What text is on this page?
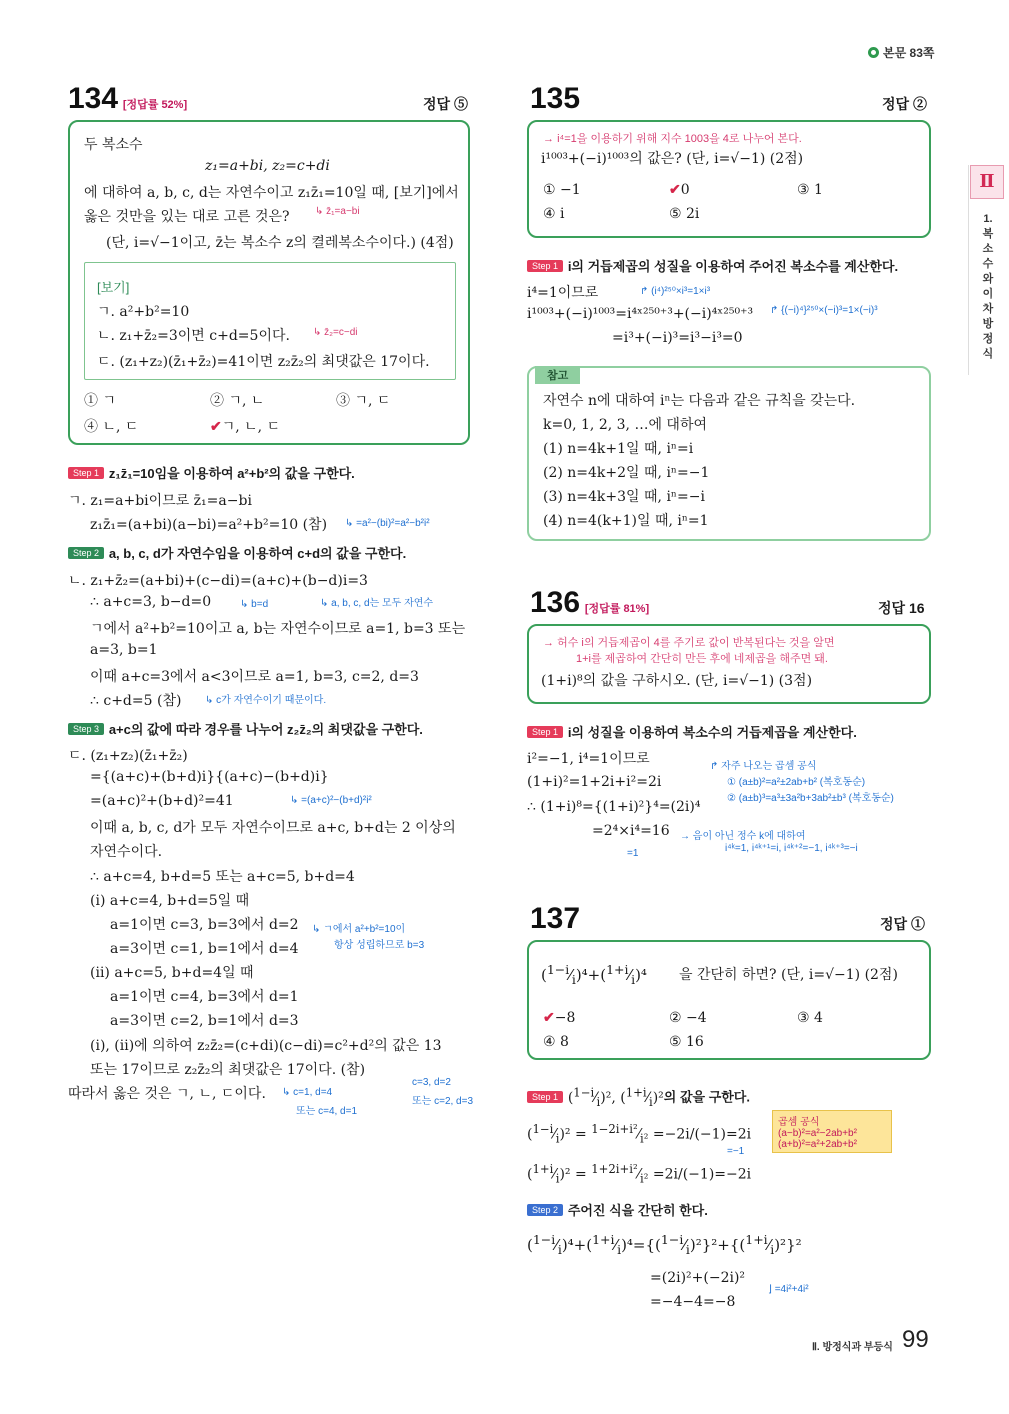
본문 83쪽
Ⅱ
1. 복소수와 이차방정식
134 [정답률 52%]	정답 ⑤
두 복소수
z₁=a+bi, z₂=c+di
에 대하여 a, b, c, d는 자연수이고 z₁z̄₁=10일 때, [보기]에서
옳은 것만을 있는 대로 고른 것은?	↳ z̄₁=a−bi
(단, i=√−1이고, z̄는 복소수 z의 켤레복소수이다.) (4점)
[보기]
ㄱ. a²+b²=10
ㄴ. z₁+z̄₂=3이면 c+d=5이다. ↳ z̄₂=c−di
ㄷ. (z₁+z₂)(z̄₁+z̄₂)=41이면 z₂z̄₂의 최댓값은 17이다.
① ㄱ	② ㄱ, ㄴ	③ ㄱ, ㄷ
④ ㄴ, ㄷ	✔ㄱ, ㄴ, ㄷ
Step 1 z₁z̄₁=10임을 이용하여 a²+b²의 값을 구한다.
ㄱ. z₁=a+bi이므로 z̄₁=a−bi
z₁z̄₁=(a+bi)(a−bi)=a²+b²=10 (참) ↳ =a²−(bi)²=a²−b²i²
Step 2 a, b, c, d가 자연수임을 이용하여 c+d의 값을 구한다.
ㄴ. z₁+z̄₂=(a+bi)+(c−di)=(a+c)+(b−d)i=3
∴ a+c=3, b−d=0	↳ b=d	↳ a, b, c, d는 모두 자연수
ㄱ에서 a²+b²=10이고 a, b는 자연수이므로 a=1, b=3 또는
a=3, b=1
이때 a+c=3에서 a<3이므로 a=1, b=3, c=2, d=3
∴ c+d=5 (참) ↳ c가 자연수이기 때문이다.
Step 3 a+c의 값에 따라 경우를 나누어 z₂z̄₂의 최댓값을 구한다.
ㄷ. (z₁+z₂)(z̄₁+z̄₂)
={(a+c)+(b+d)i}{(a+c)−(b+d)i}
=(a+c)²+(b+d)²=41	↳ =(a+c)²−(b+d)²i²
이때 a, b, c, d가 모두 자연수이므로 a+c, b+d는 2 이상의
자연수이다.
∴ a+c=4, b+d=5 또는 a+c=5, b+d=4
(ⅰ) a+c=4, b+d=5일 때
a=1이면 c=3, b=3에서 d=2
a=3이면 c=1, b=1에서 d=4
↳ ㄱ에서 a²+b²=10이
항상 성립하므로 b=3
(ⅱ) a+c=5, b+d=4일 때
a=1이면 c=4, b=3에서 d=1
a=3이면 c=2, b=1에서 d=3
(ⅰ), (ⅱ)에 의하여 z₂z̄₂=(c+di)(c−di)=c²+d²의 값은 13
또는 17이므로 z₂z̄₂의 최댓값은 17이다. (참)
따라서 옳은 것은 ㄱ, ㄴ, ㄷ이다. ↳ c=1, d=4
또는 c=4, d=1
c=3, d=2
또는 c=2, d=3
135	정답 ②
→ i⁴=1을 이용하기 위해 지수 1003을 4로 나누어 본다.
i¹⁰⁰³+(−i)¹⁰⁰³의 값은? (단, i=√−1) (2점)
① −1	✔0	③ 1
④ i	⑤ 2i
Step 1 i의 거듭제곱의 성질을 이용하여 주어진 복소수를 계산한다.
i⁴=1이므로	↱ (i⁴)²⁵⁰×i³=1×i³
i¹⁰⁰³+(−i)¹⁰⁰³=i⁴ˣ²⁵⁰⁺³+(−i)⁴ˣ²⁵⁰⁺³ ↱ {(−i)⁴}²⁵⁰×(−i)³=1×(−i)³
=i³+(−i)³=i³−i³=0
참고
자연수 n에 대하여 iⁿ는 다음과 같은 규칙을 갖는다.
k=0, 1, 2, 3, …에 대하여
(1) n=4k+1일 때, iⁿ=i
(2) n=4k+2일 때, iⁿ=−1
(3) n=4k+3일 때, iⁿ=−i
(4) n=4(k+1)일 때, iⁿ=1
136 [정답률 81%]	정답 16
→ 허수 i의 거듭제곱이 4를 주기로 값이 반복된다는 것을 알면
1+i를 제곱하여 간단히 만든 후에 네제곱을 해주면 돼.
(1+i)⁸의 값을 구하시오. (단, i=√−1) (3점)
Step 1 i의 성질을 이용하여 복소수의 거듭제곱을 계산한다.
i²=−1, i⁴=1이므로
(1+i)²=1+2i+i²=2i
∴ (1+i)⁸={(1+i)²}⁴=(2i)⁴
=2⁴×i⁴=16
=1
↱ 자주 나오는 곱셈 공식
① (a±b)²=a²±2ab+b² (복호동순)
② (a±b)³=a³±3a²b+3ab²±b³ (복호동순)
→ 음이 아닌 정수 k에 대하여
i⁴ᵏ=1, i⁴ᵏ⁺¹=i, i⁴ᵏ⁺²=−1, i⁴ᵏ⁺³=−i
137	정답 ①
$(^{1-i}⁄_i)^4+(^{1+i}⁄_i)^4$ 을 간단히 하면? (단, i=√−1) (2점)
✔−8	② −4	③ 4
④ 8	⑤ 16
Step 1 $(^{1-i}⁄_i)^2$, $(^{1+i}⁄_i)^2$의 값을 구한다.
$(^{1-i}⁄_i)^2$ = $^{1-2i+i^2}⁄_{i^2} =-2i/(-1)=2i$
=−1
$(^{1+i}⁄_i)^2$ = $^{1+2i+i^2}⁄_{i^2} =2i/(-1)=-2i$
곱셈 공식
(a−b)²=a²−2ab+b²
(a+b)²=a²+2ab+b²
Step 2 주어진 식을 간단히 한다.
$(^{1-i}⁄_i)^4+(^{1+i}⁄_i)^4=\{(^{1-i}⁄_i)^2\}^2+\{(^{1+i}⁄_i)^2\}^2$
=(2i)²+(−2i)²
=−4−4=−8
⌋ =4i²+4i²
Ⅱ. 방정식과 부등식 99
